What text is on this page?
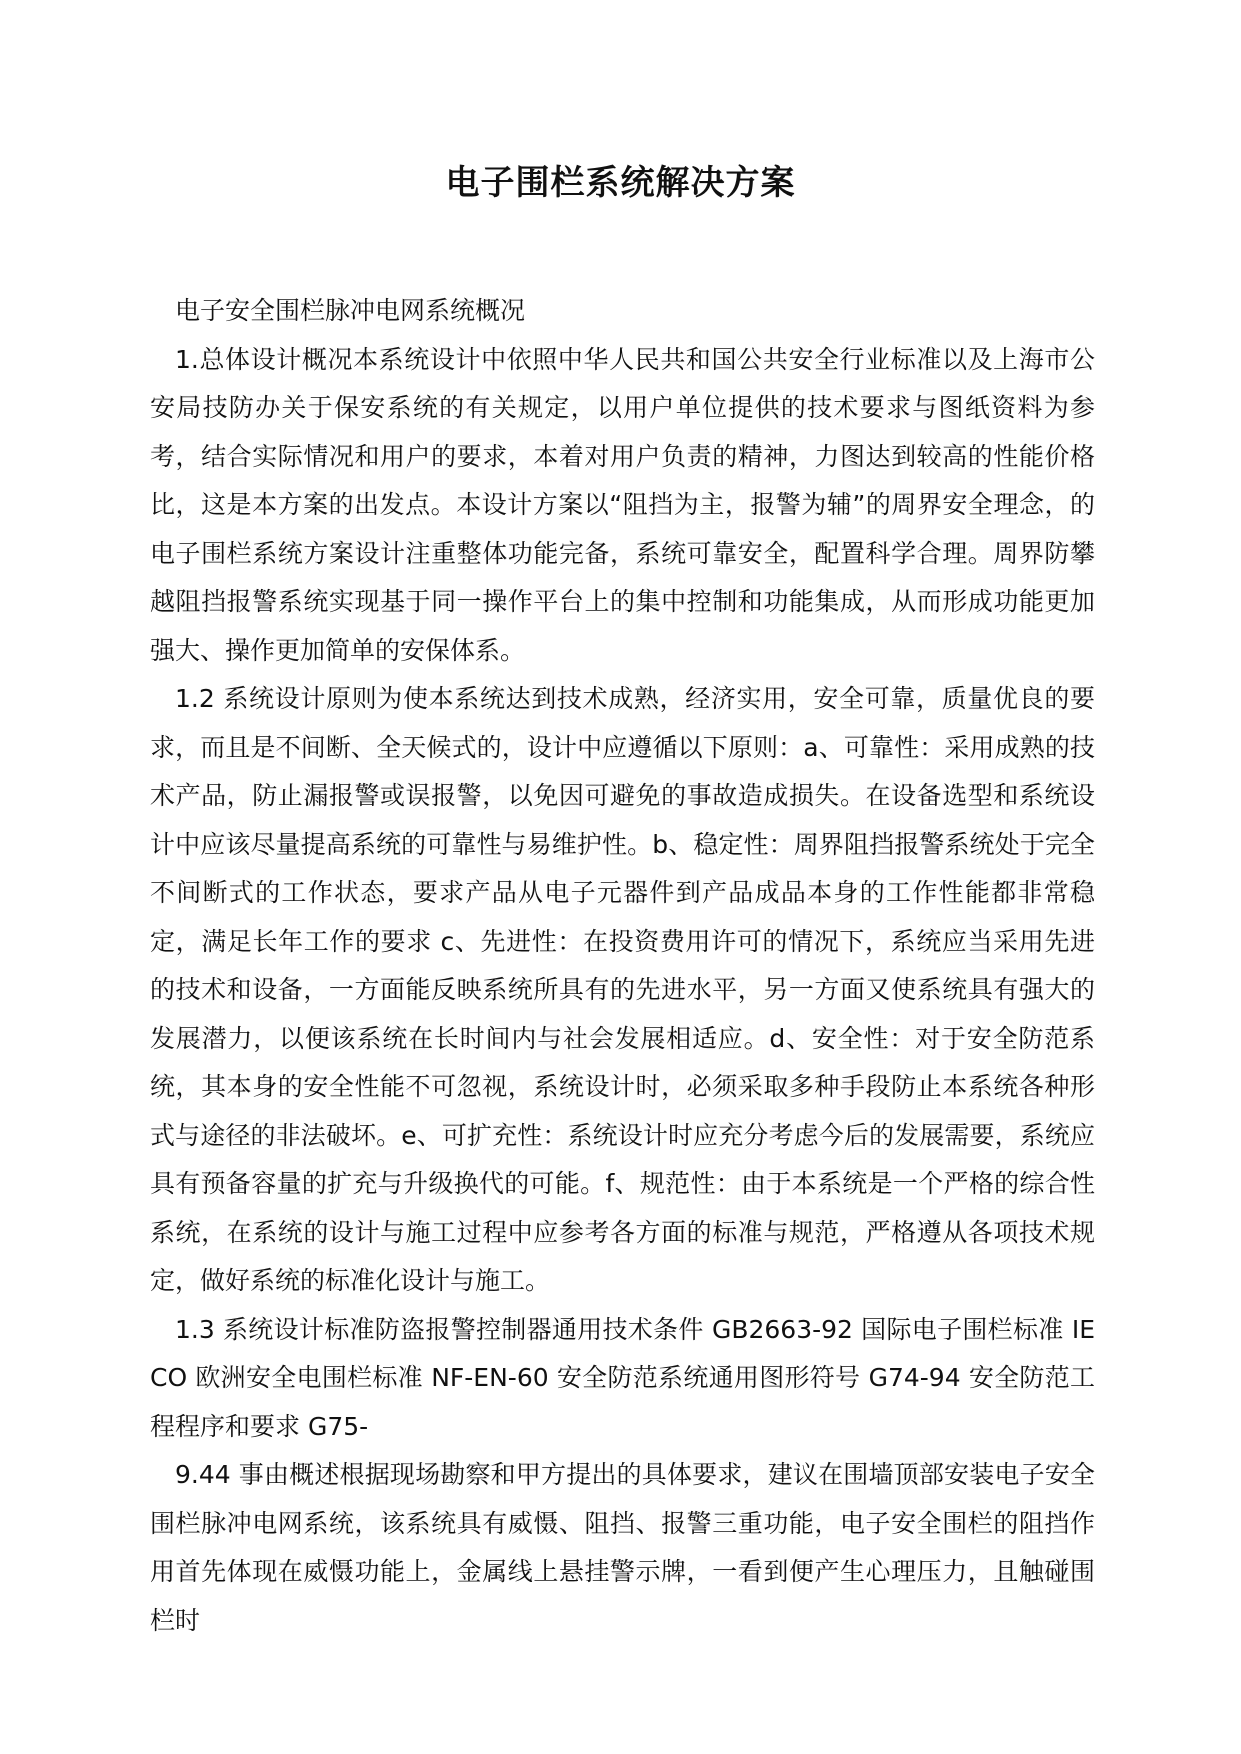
电子围栏系统解决方案

电子安全围栏脉冲电网系统概况

1.总体设计概况本系统设计中依照中华人民共和国公共安全行业标准以及上海市公安局技防办关于保安系统的有关规定，以用户单位提供的技术要求与图纸资料为参考，结合实际情况和用户的要求，本着对用户负责的精神，力图达到较高的性能价格比，这是本方案的出发点。本设计方案以“阻挡为主，报警为辅”的周界安全理念，的电子围栏系统方案设计注重整体功能完备，系统可靠安全，配置科学合理。周界防攀越阻挡报警系统实现基于同一操作平台上的集中控制和功能集成，从而形成功能更加强大、操作更加简单的安保体系。

1.2 系统设计原则为使本系统达到技术成熟，经济实用，安全可靠，质量优良的要求，而且是不间断、全天候式的，设计中应遵循以下原则：a、可靠性：采用成熟的技术产品，防止漏报警或误报警，以免因可避免的事故造成损失。在设备选型和系统设计中应该尽量提高系统的可靠性与易维护性。b、稳定性：周界阻挡报警系统处于完全不间断式的工作状态，要求产品从电子元器件到产品成品本身的工作性能都非常稳定，满足长年工作的要求 c、先进性：在投资费用许可的情况下，系统应当采用先进的技术和设备，一方面能反映系统所具有的先进水平，另一方面又使系统具有强大的发展潜力，以便该系统在长时间内与社会发展相适应。d、安全性：对于安全防范系统，其本身的安全性能不可忽视，系统设计时，必须采取多种手段防止本系统各种形式与途径的非法破坏。e、可扩充性：系统设计时应充分考虑今后的发展需要，系统应具有预备容量的扩充与升级换代的可能。f、规范性：由于本系统是一个严格的综合性系统，在系统的设计与施工过程中应参考各方面的标准与规范，严格遵从各项技术规定，做好系统的标准化设计与施工。

1.3 系统设计标准防盗报警控制器通用技术条件 GB2663-92 国际电子围栏标准 IECO 欧洲安全电围栏标准 NF-EN-60 安全防范系统通用图形符号 G74-94 安全防范工程程序和要求 G75-

9.44 事由概述根据现场勘察和甲方提出的具体要求，建议在围墙顶部安装电子安全围栏脉冲电网系统，该系统具有威慑、阻挡、报警三重功能，电子安全围栏的阻挡作用首先体现在威慑功能上，金属线上悬挂警示牌，一看到便产生心理压力，且触碰围栏时
